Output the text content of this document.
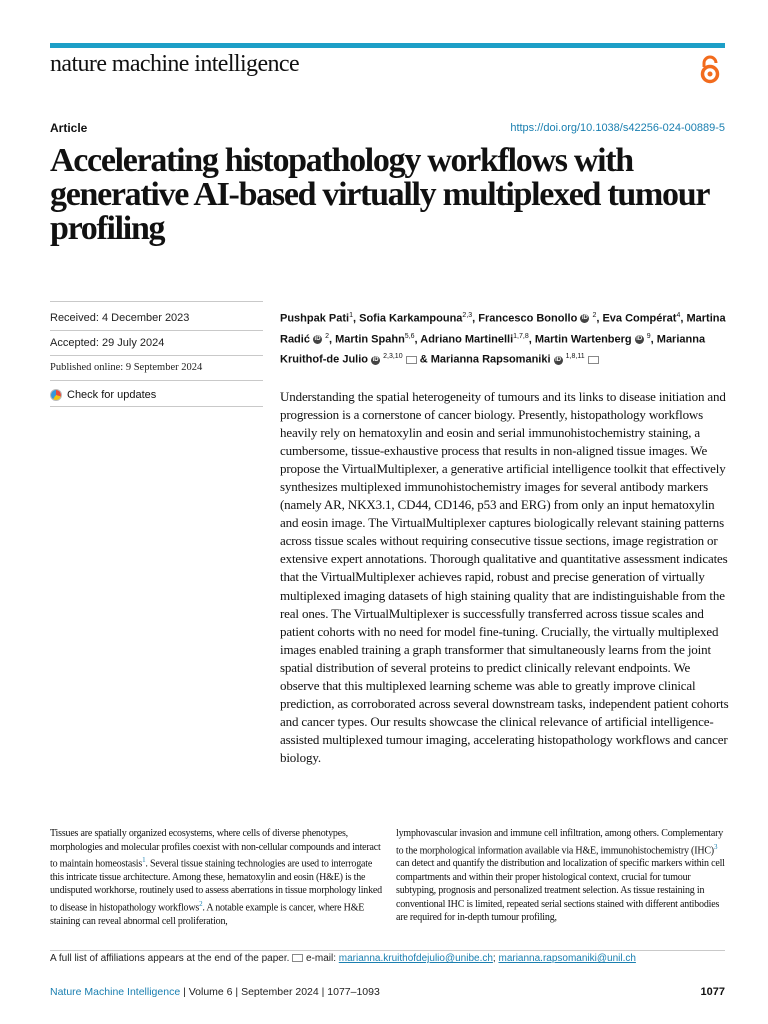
nature machine intelligence
Article	https://doi.org/10.1038/s42256-024-00889-5
Accelerating histopathology workflows with generative AI-based virtually multiplexed tumour profiling
Received: 4 December 2023
Accepted: 29 July 2024
Published online: 9 September 2024
Check for updates

Pushpak Pati$^1$, Sofia Karkampouna$^{2,3}$, Francesco Bonollo iD $^2$, Eva Compérat$^4$, Martina Radić iD $^2$, Martin Spahn$^{5,6}$, Adriano Martinelli$^{1,7,8}$, Martin Wartenberg iD $^9$, Marianna Kruithof-de Julio iD $^{2,3,10}$ & Marianna Rapsomaniki iD $^{1,8,11}$

Understanding the spatial heterogeneity of tumours and its links to disease initiation and progression is a cornerstone of cancer biology. Presently, histopathology workflows heavily rely on hematoxylin and eosin and serial immunohistochemistry staining, a cumbersome, tissue-exhaustive process that results in non-aligned tissue images. We propose the VirtualMultiplexer, a generative artificial intelligence toolkit that effectively synthesizes multiplexed immunohistochemistry images for several antibody markers (namely AR, NKX3.1, CD44, CD146, p53 and ERG) from only an input hematoxylin and eosin image. The VirtualMultiplexer captures biologically relevant staining patterns across tissue scales without requiring consecutive tissue sections, image registration or extensive expert annotations. Thorough qualitative and quantitative assessment indicates that the VirtualMultiplexer achieves rapid, robust and precise generation of virtually multiplexed imaging datasets of high staining quality that are indistinguishable from the real ones. The VirtualMultiplexer is successfully transferred across tissue scales and patient cohorts with no need for model fine-tuning. Crucially, the virtually multiplexed images enabled training a graph transformer that simultaneously learns from the joint spatial distribution of several proteins to predict clinically relevant endpoints. We observe that this multiplexed learning scheme was able to greatly improve clinical prediction, as corroborated across several downstream tasks, independent patient cohorts and cancer types. Our results showcase the clinical relevance of artificial intelligence-assisted multiplexed tumour imaging, accelerating histopathology workflows and cancer biology.

Tissues are spatially organized ecosystems, where cells of diverse phenotypes, morphologies and molecular profiles coexist with non-cellular compounds and interact to maintain homeostasis$^1$. Several tissue staining technologies are used to interrogate this intricate tissue architecture. Among these, hematoxylin and eosin (H&E) is the undisputed workhorse, routinely used to assess aberrations in tissue morphology linked to disease in histopathology workflows$^2$. A notable example is cancer, where H&E staining can reveal abnormal cell proliferation,

lymphovascular invasion and immune cell infiltration, among others. Complementary to the morphological information available via H&E, immunohistochemistry (IHC)$^3$ can detect and quantify the distribution and localization of specific markers within cell compartments and within their proper histological context, crucial for tumour subtyping, prognosis and personalized treatment selection. As tissue restaining in conventional IHC is limited, repeated serial sections stained with different antibodies are required for in-depth tumour profiling,

A full list of affiliations appears at the end of the paper. e-mail: marianna.kruithofdejulio@unibe.ch; marianna.rapsomaniki@unil.ch
Nature Machine Intelligence | Volume 6 | September 2024 | 1077–1093	1077
